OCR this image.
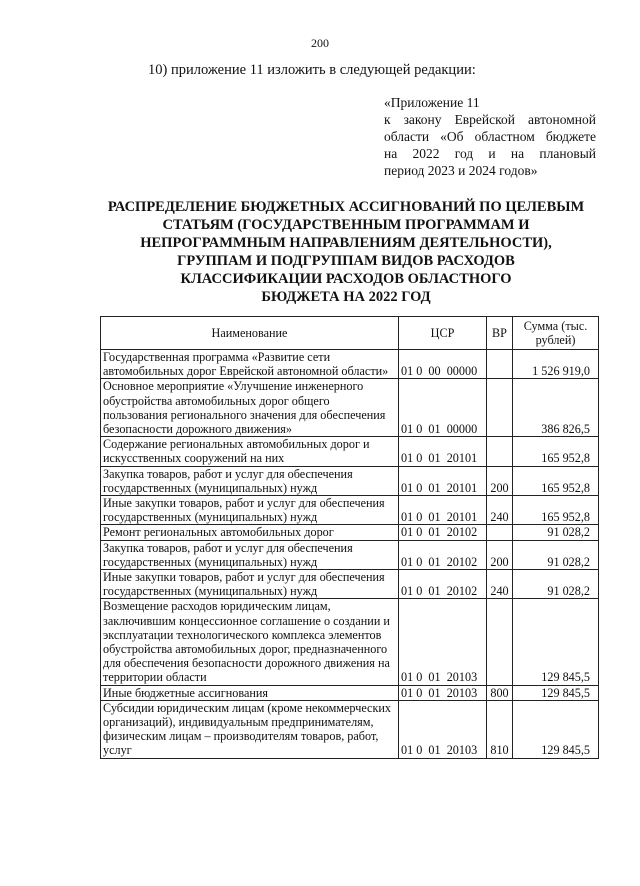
200
10) приложение 11 изложить в следующей редакции:
«Приложение 11
к закону Еврейской автономной
области «Об областном бюджете
на 2022 год и на плановый
период 2023 и 2024 годов»
РАСПРЕДЕЛЕНИЕ БЮДЖЕТНЫХ АССИГНОВАНИЙ ПО ЦЕЛЕВЫМ
СТАТЬЯМ (ГОСУДАРСТВЕННЫМ ПРОГРАММАМ И
НЕПРОГРАММНЫМ НАПРАВЛЕНИЯМ ДЕЯТЕЛЬНОСТИ),
ГРУППАМ И ПОДГРУППАМ ВИДОВ РАСХОДОВ
КЛАССИФИКАЦИИ РАСХОДОВ ОБЛАСТНОГО
БЮДЖЕТА НА 2022 ГОД
Наименование	ЦСР	ВР	Сумма (тыс. рублей)
Государственная программа «Развитие сети автомобильных дорог Еврейской автономной области»	01 0  00  00000		1 526 919,0
Основное мероприятие «Улучшение инженерного обустройства автомобильных дорог общего пользования регионального значения для обеспечения безопасности дорожного движения»	01 0  01  00000		386 826,5
Содержание региональных автомобильных дорог и искусственных сооружений на них	01 0  01  20101		165 952,8
Закупка товаров, работ и услуг для обеспечения государственных (муниципальных) нужд	01 0  01  20101	200	165 952,8
Иные закупки товаров, работ и услуг для обеспечения государственных (муниципальных) нужд	01 0  01  20101	240	165 952,8
Ремонт региональных автомобильных дорог	01 0  01  20102		91 028,2
Закупка товаров, работ и услуг для обеспечения государственных (муниципальных) нужд	01 0  01  20102	200	91 028,2
Иные закупки товаров, работ и услуг для обеспечения государственных (муниципальных) нужд	01 0  01  20102	240	91 028,2
Возмещение расходов юридическим лицам, заключившим концессионное соглашение о создании и эксплуатации технологического комплекса элементов обустройства автомобильных дорог, предназначенного для обеспечения безопасности дорожного движения на территории области	01 0  01  20103		129 845,5
Иные бюджетные ассигнования	01 0  01  20103	800	129 845,5
Субсидии юридическим лицам (кроме некоммерческих организаций), индивидуальным предпринимателям, физическим лицам – производителям товаров, работ, услуг	01 0  01  20103	810	129 845,5
